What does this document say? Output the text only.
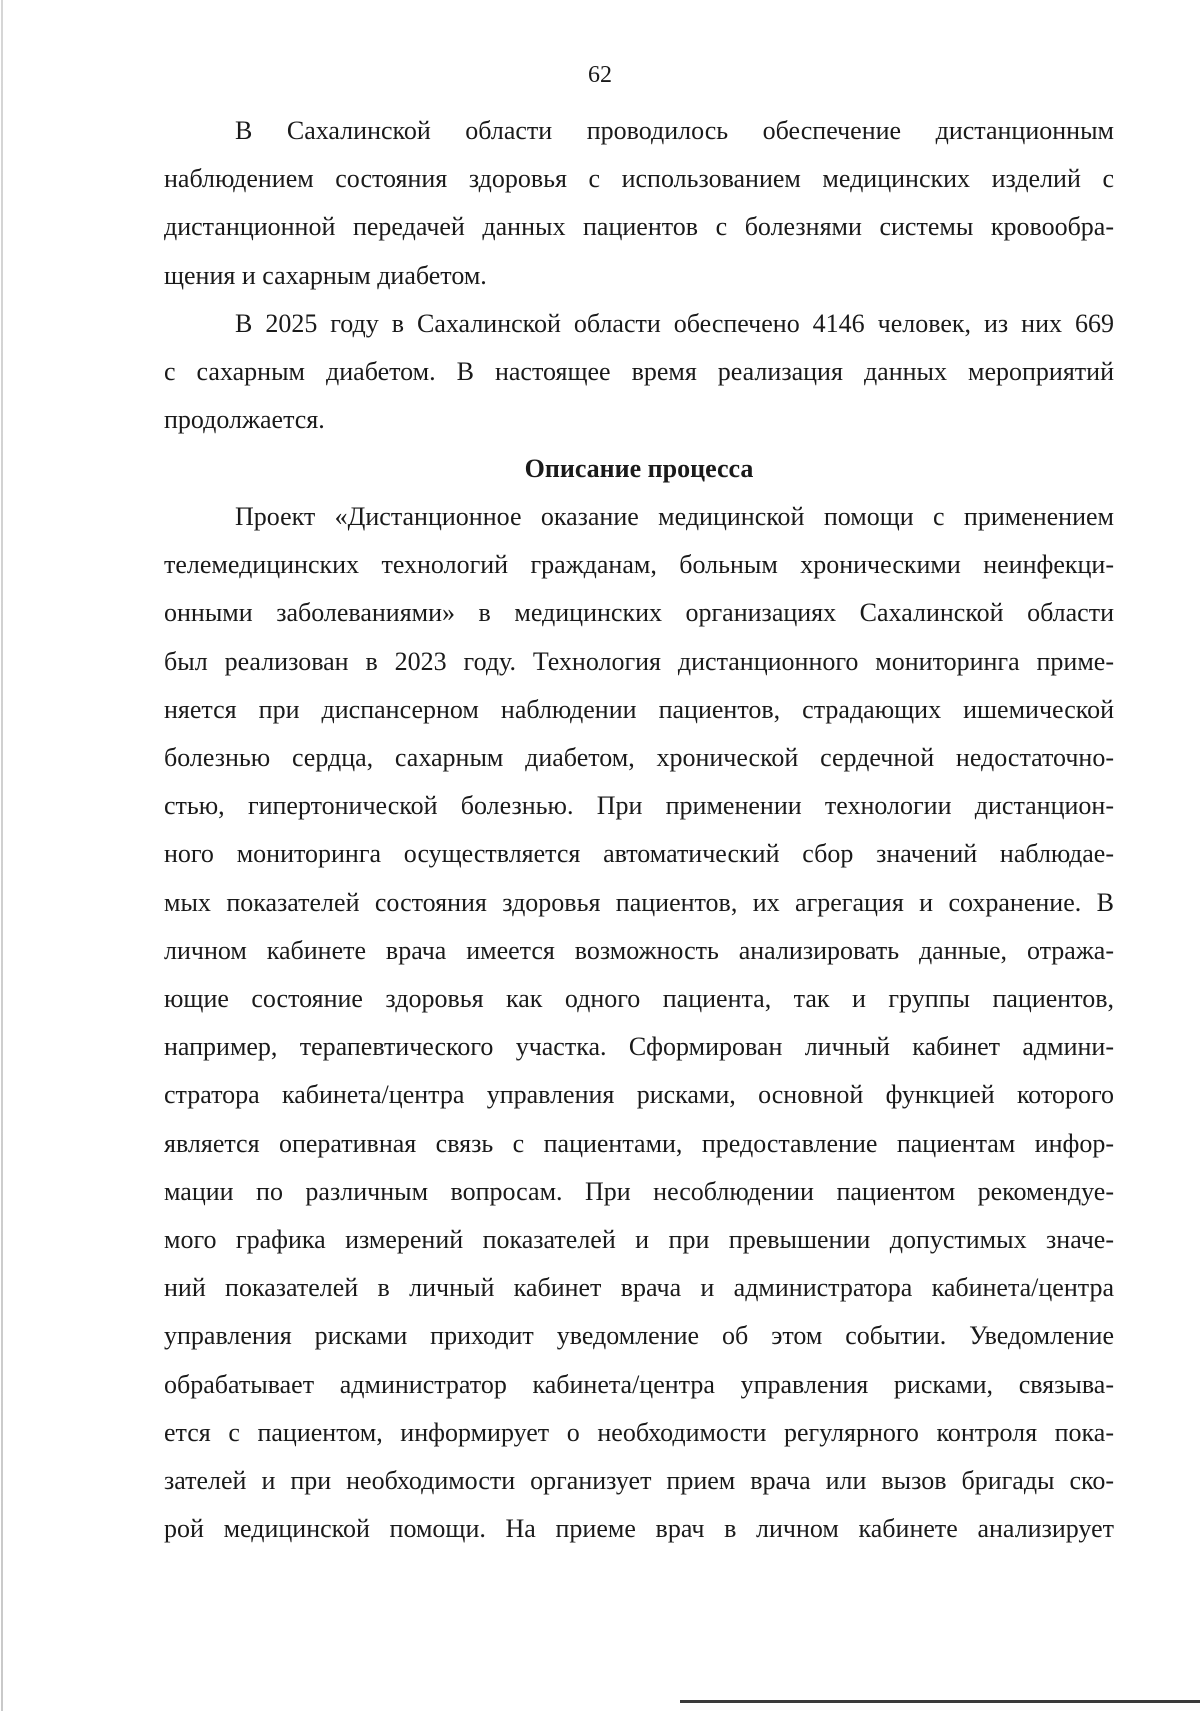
62
В Сахалинской области проводилось обеспечение дистанционным
наблюдением состояния здоровья с использованием медицинских изделий с
дистанционной передачей данных пациентов с болезнями системы кровообра-
щения и сахарным диабетом.
В 2025 году в Сахалинской области обеспечено 4146 человек, из них 669
с сахарным диабетом. В настоящее время реализация данных мероприятий
продолжается.
Описание процесса
Проект «Дистанционное оказание медицинской помощи с применением
телемедицинских технологий гражданам, больным хроническими неинфекци-
онными заболеваниями» в медицинских организациях Сахалинской области
был реализован в 2023 году. Технология дистанционного мониторинга приме-
няется при диспансерном наблюдении пациентов, страдающих ишемической
болезнью сердца, сахарным диабетом, хронической сердечной недостаточно-
стью, гипертонической болезнью. При применении технологии дистанцион-
ного мониторинга осуществляется автоматический сбор значений наблюдае-
мых показателей состояния здоровья пациентов, их агрегация и сохранение. В
личном кабинете врача имеется возможность анализировать данные, отража-
ющие состояние здоровья как одного пациента, так и группы пациентов,
например, терапевтического участка. Сформирован личный кабинет админи-
стратора кабинета/центра управления рисками, основной функцией которого
является оперативная связь с пациентами, предоставление пациентам инфор-
мации по различным вопросам. При несоблюдении пациентом рекомендуе-
мого графика измерений показателей и при превышении допустимых значе-
ний показателей в личный кабинет врача и администратора кабинета/центра
управления рисками приходит уведомление об этом событии. Уведомление
обрабатывает администратор кабинета/центра управления рисками, связыва-
ется с пациентом, информирует о необходимости регулярного контроля пока-
зателей и при необходимости организует прием врача или вызов бригады ско-
рой медицинской помощи. На приеме врач в личном кабинете анализирует
